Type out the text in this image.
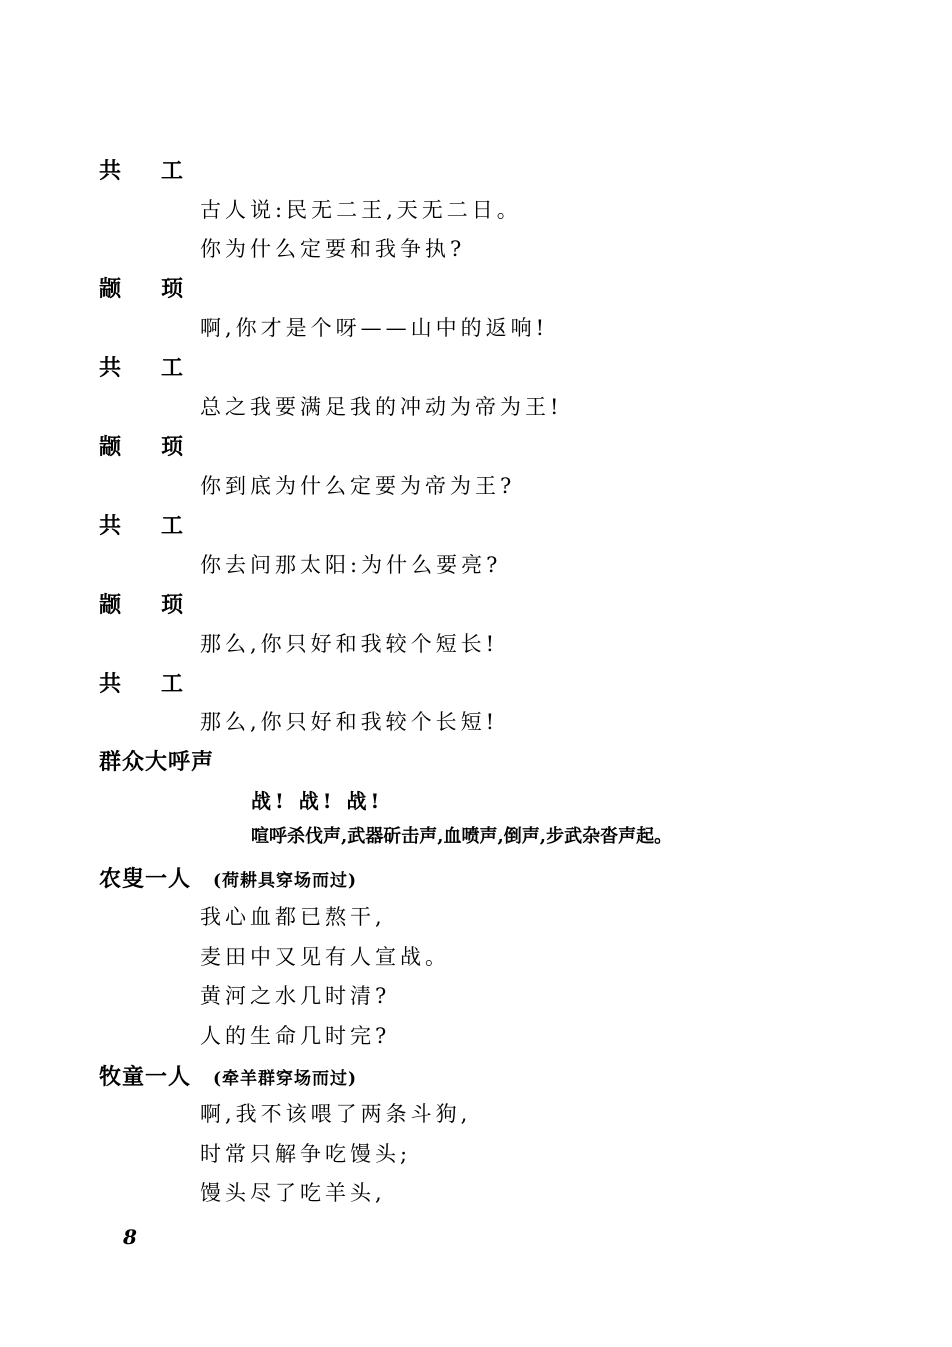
共工
古人说:民无二王,天无二日。
你为什么定要和我争执?
颛顼
啊,你才是个呀——山中的返响!
共工
总之我要满足我的冲动为帝为王!
颛顼
你到底为什么定要为帝为王?
共工
你去问那太阳:为什么要亮?
颛顼
那么,你只好和我较个短长!
共工
那么,你只好和我较个长短!
群众大呼声
战! 战! 战!
喧呼杀伐声,武器斫击声,血喷声,倒声,步武杂沓声起。
农叟一人 (荷耕具穿场而过)
我心血都已熬干,
麦田中又见有人宣战。
黄河之水几时清?
人的生命几时完?
牧童一人 (牵羊群穿场而过)
啊,我不该喂了两条斗狗,
时常只解争吃馒头;
馒头尽了吃羊头,
8
